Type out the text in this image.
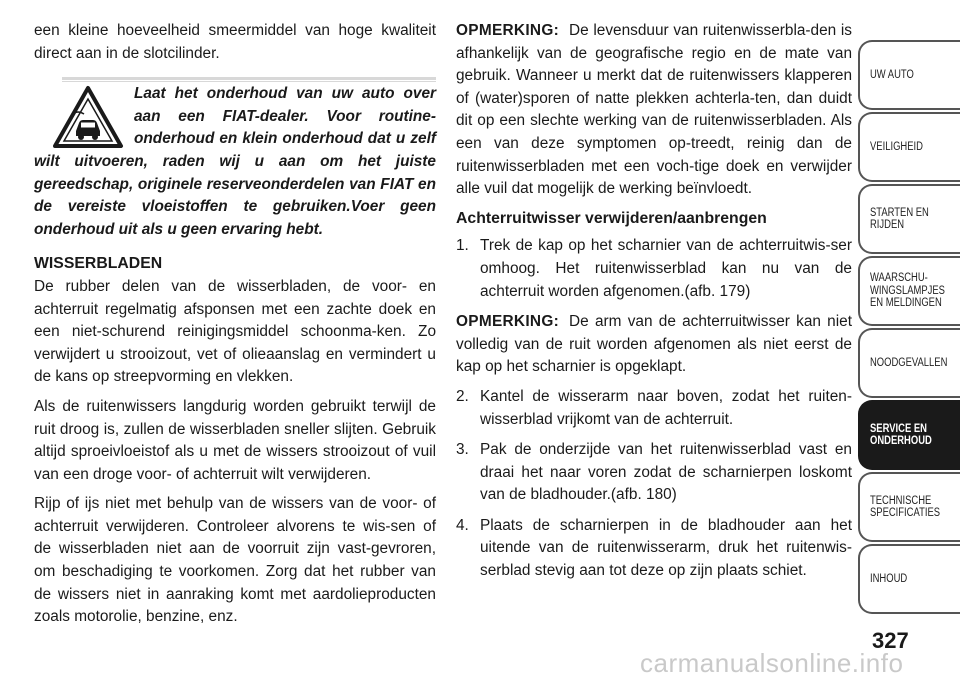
een kleine hoeveelheid smeermiddel van hoge kwaliteit direct aan in de slotcilinder.

Laat het onderhoud van uw auto over aan een FIAT-dealer. Voor routine-onderhoud en klein onderhoud dat u zelf wilt uitvoeren, raden wij u aan om het juiste gereedschap, originele reserveonderdelen van FIAT en de vereiste vloeistoffen te gebruiken.Voer geen onderhoud uit als u geen ervaring hebt.

WISSERBLADEN

De rubber delen van de wisserbladen, de voor- en achterruit regelmatig afsponsen met een zachte doek en een niet-schurend reinigingsmiddel schoonma-ken. Zo verwijdert u strooizout, vet of olieaanslag en vermindert u de kans op streepvorming en vlekken.

Als de ruitenwissers langdurig worden gebruikt terwijl de ruit droog is, zullen de wisserbladen sneller slijten. Gebruik altijd sproeivloeistof als u met de wissers strooizout of vuil van een droge voor- of achterruit wilt verwijderen.

Rijp of ijs niet met behulp van de wissers van de voor- of achterruit verwijderen. Controleer alvorens te wis-sen of de wisserbladen niet aan de voorruit zijn vast-gevroren, om beschadiging te voorkomen. Zorg dat het rubber van de wissers niet in aanraking komt met aardolieproducten zoals motorolie, benzine, enz.

OPMERKING: De levensduur van ruitenwisserbla-den is afhankelijk van de geografische regio en de mate van gebruik. Wanneer u merkt dat de ruitenwissers klapperen of (water)sporen of natte plekken achterla-ten, dan duidt dit op een slechte werking van de ruitenwisserbladen. Als een van deze symptomen op-treedt, reinig dan de ruitenwisserbladen met een voch-tige doek en verwijder alle vuil dat mogelijk de werking beïnvloedt.

Achterruitwisser verwijderen/aanbrengen
1. Trek de kap op het scharnier van de achterruitwis-ser omhoog. Het ruitenwisserblad kan nu van de achterruit worden afgenomen.(afb. 179)

OPMERKING: De arm van de achterruitwisser kan niet volledig van de ruit worden afgenomen als niet eerst de kap op het scharnier is opgeklapt.

2. Kantel de wisserarm naar boven, zodat het ruiten-wisserblad vrijkomt van de achterruit.
3. Pak de onderzijde van het ruitenwisserblad vast en draai het naar voren zodat de scharnierpen loskomt van de bladhouder.(afb. 180)
4. Plaats de scharnierpen in de bladhouder aan het uitende van de ruitenwisserarm, druk het ruitenwis-serblad stevig aan tot deze op zijn plaats schiet.
UW AUTO
VEILIGHEID
STARTEN EN
RIJDEN
WAARSCHU-
WINGSLAMPJES
EN MELDINGEN
NOODGEVALLEN
SERVICE EN
ONDERHOUD
TECHNISCHE
SPECIFICATIES
INHOUD
327
carmanualsonline.info
